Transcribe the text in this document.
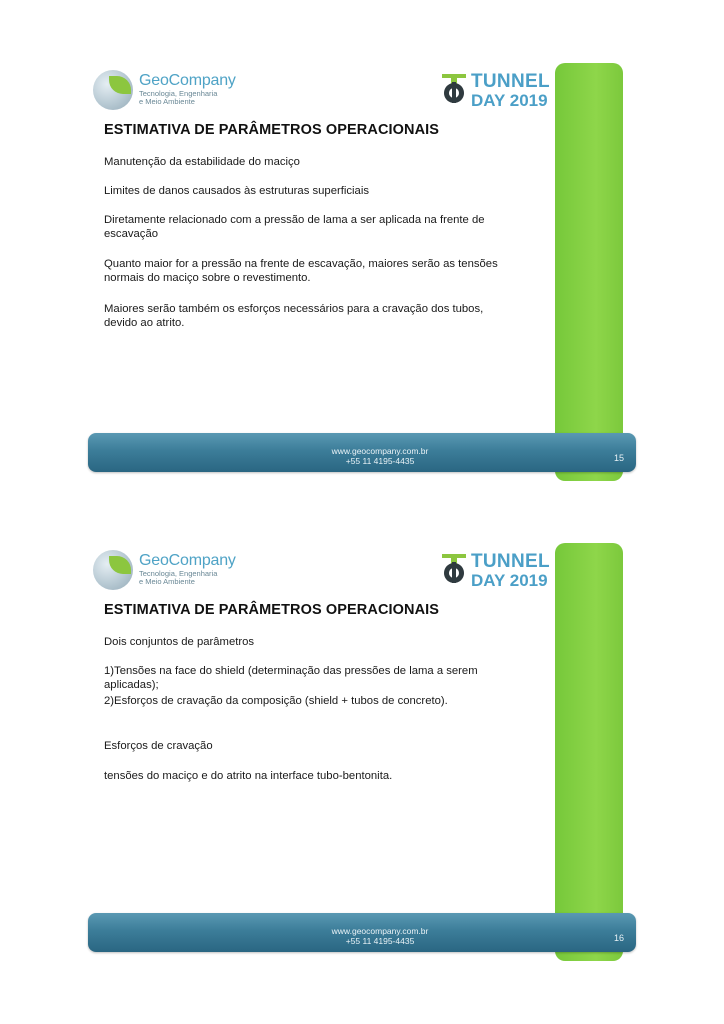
GeoCompany
Tecnologia, Engenharia
e Meio Ambiente
TUNNEL
DAY 2019
ESTIMATIVA DE PARÂMETROS OPERACIONAIS
Manutenção da estabilidade do maciço
Limites de danos causados às estruturas superficiais
Diretamente relacionado com a pressão de lama a ser aplicada na frente de escavação
Quanto maior for a pressão na frente de escavação, maiores serão as tensões normais do maciço sobre o revestimento.
Maiores serão também os esforços necessários para a cravação dos tubos, devido ao atrito.
www.geocompany.com.br
+55 11 4195-4435	15
GeoCompany
Tecnologia, Engenharia
e Meio Ambiente
TUNNEL
DAY 2019
ESTIMATIVA DE PARÂMETROS OPERACIONAIS
Dois conjuntos de parâmetros
1)Tensões na face do shield (determinação das pressões de lama a serem aplicadas);
2)Esforços de cravação da composição (shield + tubos de concreto).
Esforços de cravação
tensões do maciço e do atrito na interface tubo-bentonita.
www.geocompany.com.br
+55 11 4195-4435	16
